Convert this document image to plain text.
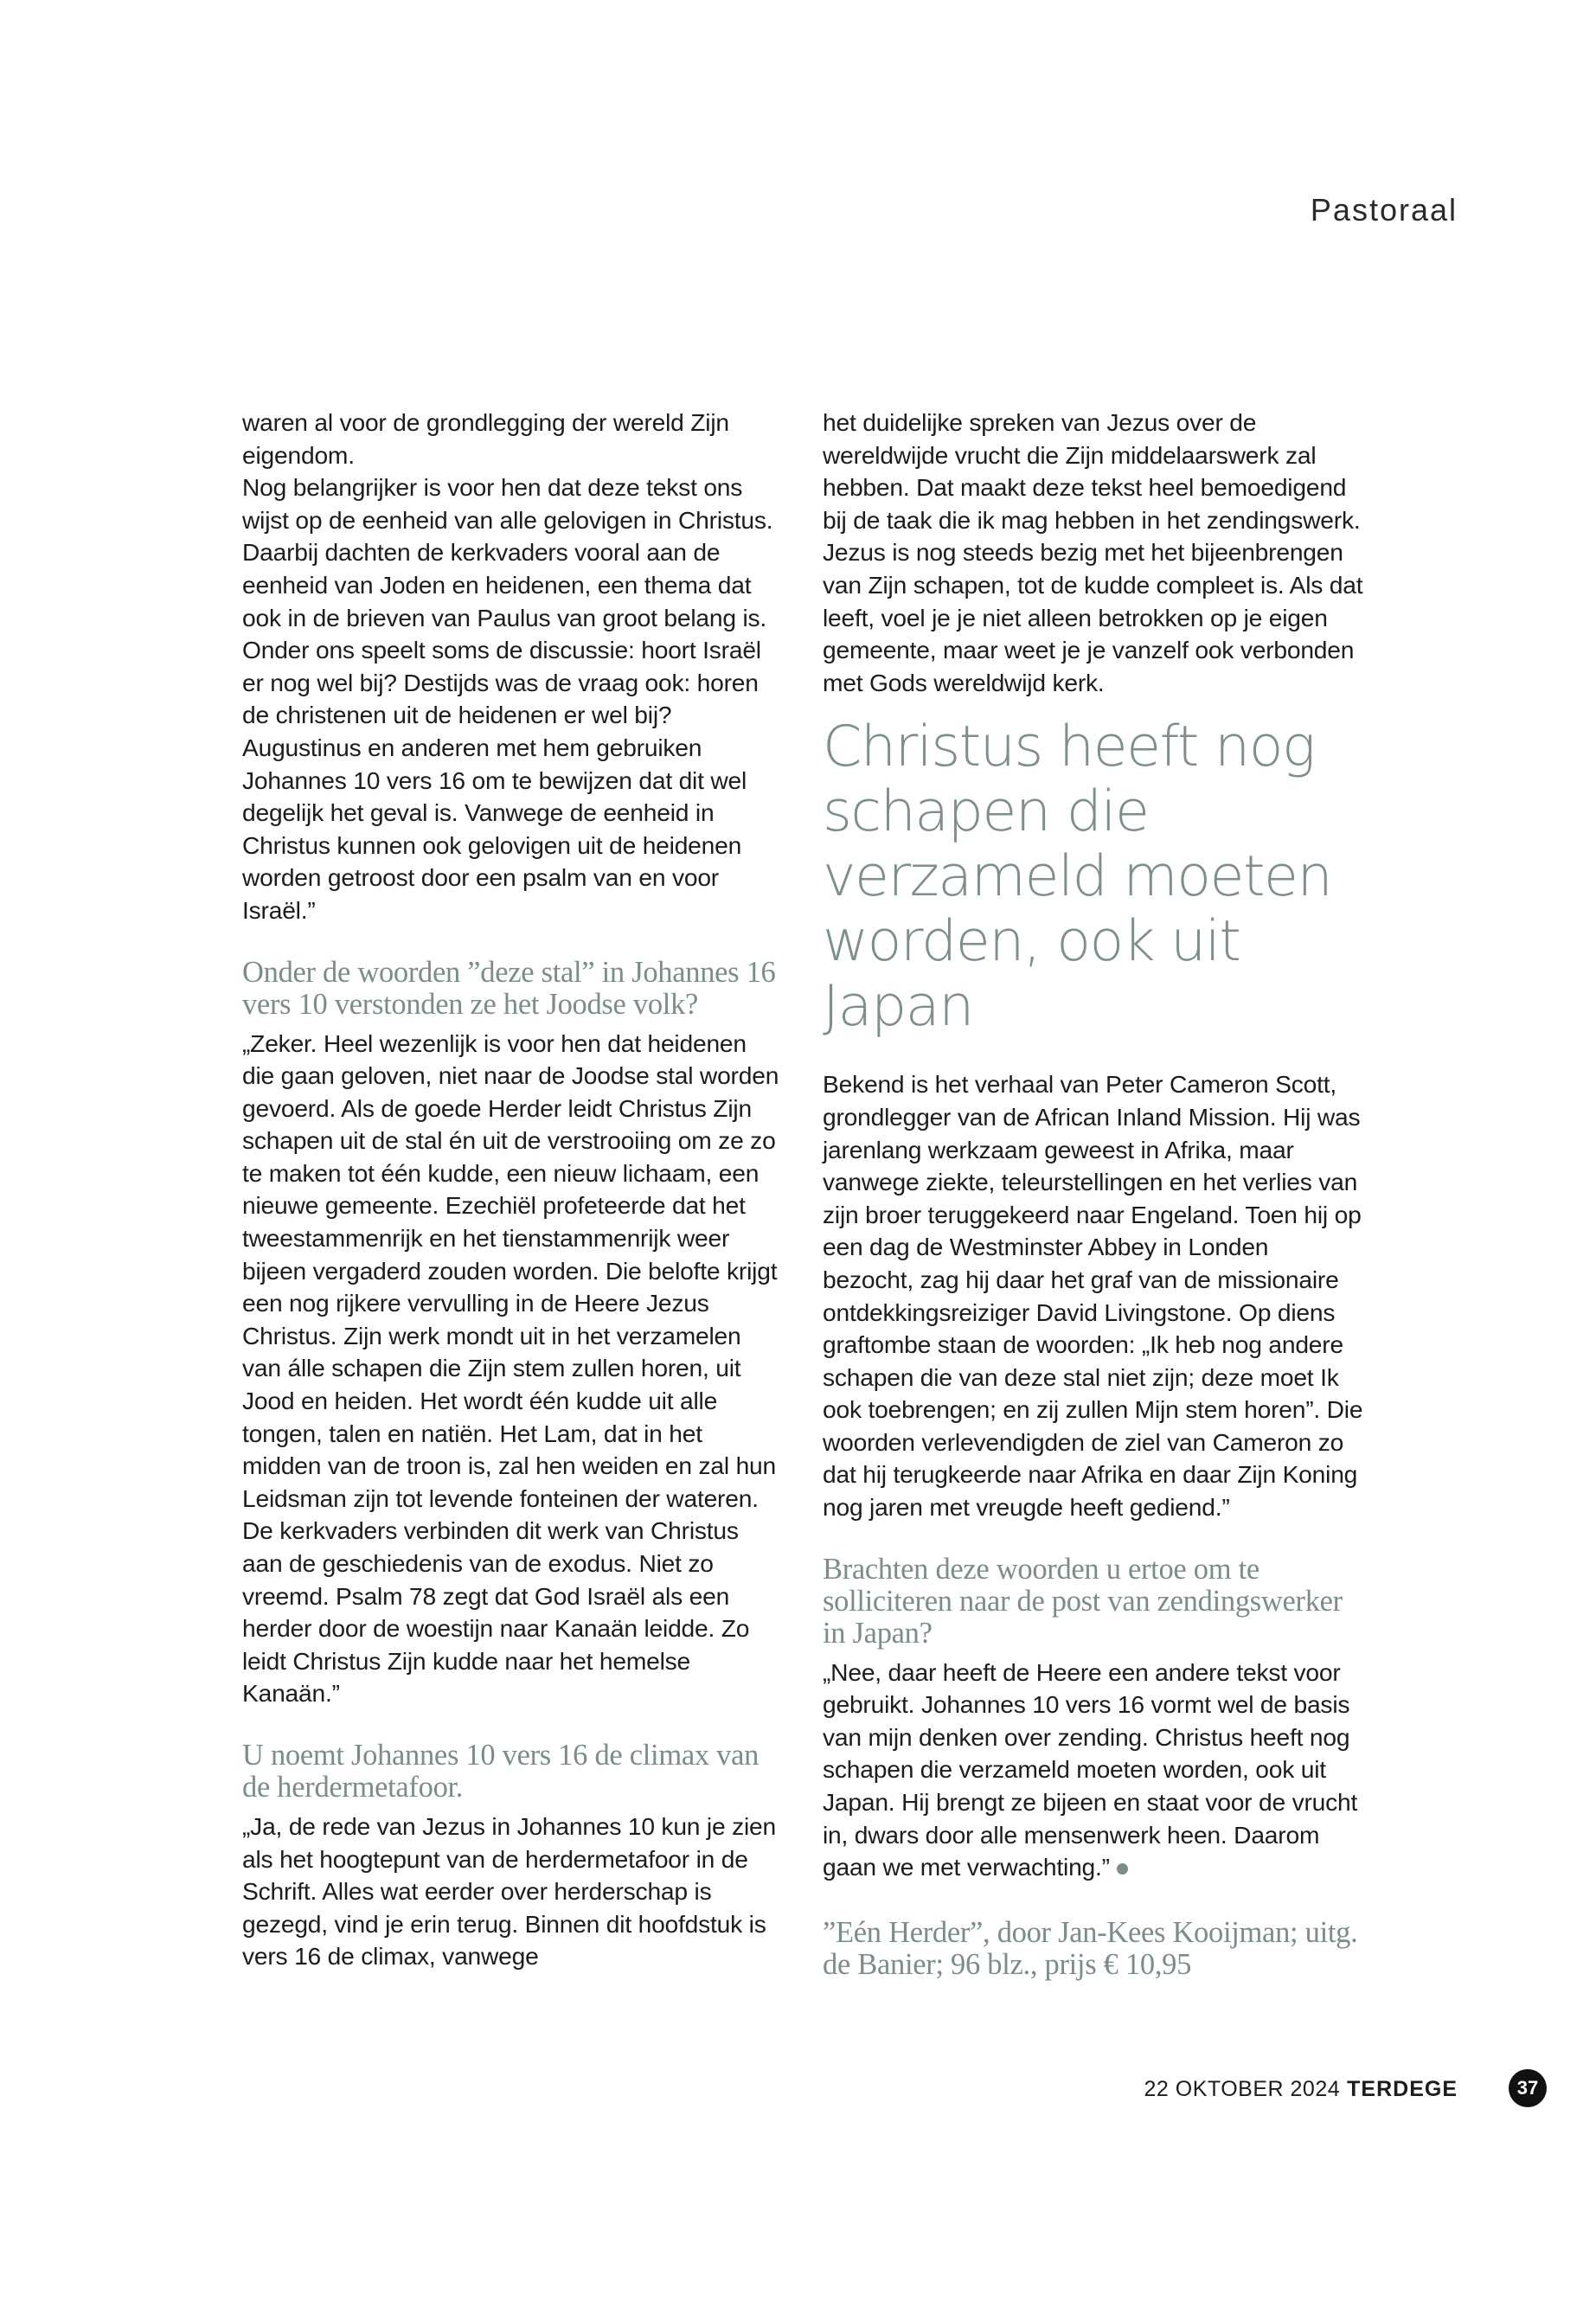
Pastoraal

waren al voor de grondlegging der wereld Zijn eigendom.

Nog belangrijker is voor hen dat deze tekst ons wijst op de eenheid van alle gelovigen in Christus. Daarbij dachten de kerkvaders vooral aan de eenheid van Joden en heidenen, een thema dat ook in de brieven van Paulus van groot belang is. Onder ons speelt soms de discussie: hoort Israël er nog wel bij? Destijds was de vraag ook: horen de christenen uit de heidenen er wel bij? Augustinus en anderen met hem gebruiken Johannes 10 vers 16 om te bewijzen dat dit wel degelijk het geval is. Vanwege de eenheid in Christus kunnen ook gelovigen uit de heidenen worden getroost door een psalm van en voor Israël.”

Onder de woorden ”deze stal” in Johannes 16 vers 10 verstonden ze het Joodse volk?

„Zeker. Heel wezenlijk is voor hen dat heidenen die gaan geloven, niet naar de Joodse stal worden gevoerd. Als de goede Herder leidt Christus Zijn schapen uit de stal én uit de verstrooiing om ze zo te maken tot één kudde, een nieuw lichaam, een nieuwe gemeente. Ezechiël profeteerde dat het tweestammenrijk en het tienstammenrijk weer bijeen vergaderd zouden worden. Die belofte krijgt een nog rijkere vervulling in de Heere Jezus Christus. Zijn werk mondt uit in het verzamelen van álle schapen die Zijn stem zullen horen, uit Jood en heiden. Het wordt één kudde uit alle tongen, talen en natiën. Het Lam, dat in het midden van de troon is, zal hen weiden en zal hun Leidsman zijn tot levende fonteinen der wateren. De kerkvaders verbinden dit werk van Christus aan de geschiedenis van de exodus. Niet zo vreemd. Psalm 78 zegt dat God Israël als een herder door de woestijn naar Kanaän leidde. Zo leidt Christus Zijn kudde naar het hemelse Kanaän.”

U noemt Johannes 10 vers 16 de climax van de herdermetafoor.

„Ja, de rede van Jezus in Johannes 10 kun je zien als het hoogtepunt van de herdermetafoor in de Schrift. Alles wat eerder over herderschap is gezegd, vind je erin terug. Binnen dit hoofdstuk is vers 16 de climax, vanwege

het duidelijke spreken van Jezus over de wereldwijde vrucht die Zijn middelaarswerk zal hebben. Dat maakt deze tekst heel bemoedigend bij de taak die ik mag hebben in het zendingswerk. Jezus is nog steeds bezig met het bijeenbrengen van Zijn schapen, tot de kudde compleet is. Als dat leeft, voel je je niet alleen betrokken op je eigen gemeente, maar weet je je vanzelf ook verbonden met Gods wereldwijd kerk.

Christus heeft nog schapen die verzameld moeten worden, ook uit Japan

Bekend is het verhaal van Peter Cameron Scott, grondlegger van de African Inland Mission. Hij was jarenlang werkzaam geweest in Afrika, maar vanwege ziekte, teleurstellingen en het verlies van zijn broer teruggekeerd naar Engeland. Toen hij op een dag de Westminster Abbey in Londen bezocht, zag hij daar het graf van de missionaire ontdekkingsreiziger David Livingstone. Op diens graftombe staan de woorden: „Ik heb nog andere schapen die van deze stal niet zijn; deze moet Ik ook toebrengen; en zij zullen Mijn stem horen”. Die woorden verlevendigden de ziel van Cameron zo dat hij terugkeerde naar Afrika en daar Zijn Koning nog jaren met vreugde heeft gediend.”

Brachten deze woorden u ertoe om te solliciteren naar de post van zendingswerker in Japan?

„Nee, daar heeft de Heere een andere tekst voor gebruikt. Johannes 10 vers 16 vormt wel de basis van mijn denken over zending. Christus heeft nog schapen die verzameld moeten worden, ook uit Japan. Hij brengt ze bijeen en staat voor de vrucht in, dwars door alle mensenwerk heen. Daarom gaan we met verwachting.”

”Eén Herder”, door Jan-Kees Kooijman; uitg. de Banier; 96 blz., prijs € 10,95
22 OKTOBER 2024 TERDEGE	37
